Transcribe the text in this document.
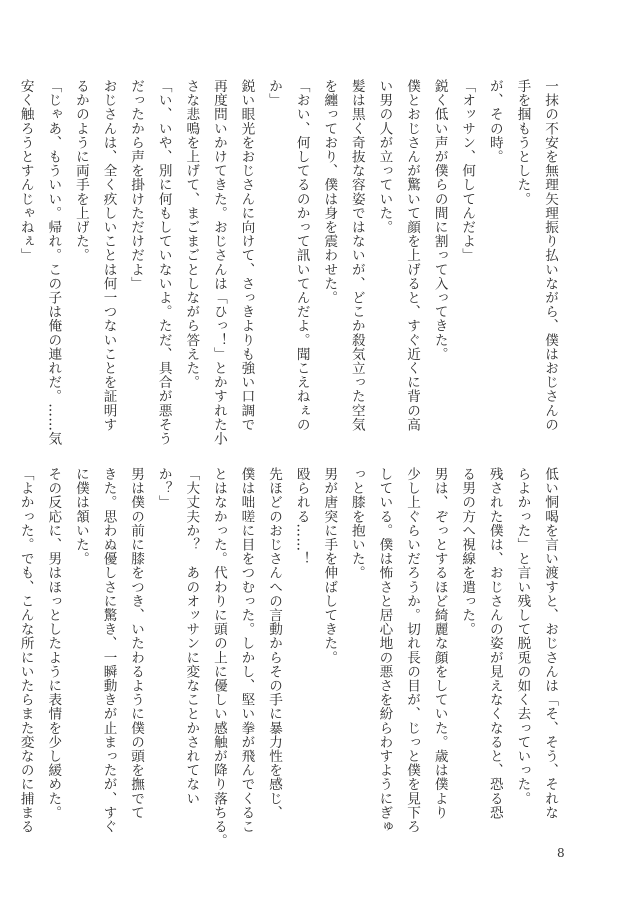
一抹の不安を無理矢理振り払いながら、僕はおじさんの
手を掴もうとした。
が、その時。
「オッサン、何してんだよ」
鋭く低い声が僕らの間に割って入ってきた。
僕とおじさんが驚いて顔を上げると、すぐ近くに背の高
い男の人が立っていた。
髪は黒く奇抜な容姿ではないが、どこか殺気立った空気
を纏っており、僕は身を震わせた。
「おい、何してるのかって訊いてんだよ。聞こえねぇの
か」
鋭い眼光をおじさんに向けて、さっきよりも強い口調で
再度問いかけてきた。おじさんは「ひっ！」とかすれた小
さな悲鳴を上げて、まごまごとしながら答えた。
「い、いや、別に何もしていないよ。ただ、具合が悪そう
だったから声を掛けただけだよ」
おじさんは、全く疚しいことは何一つないことを証明す
るかのように両手を上げた。
「じゃあ、もういい。帰れ。この子は俺の連れだ。……気
安く触ろうとすんじゃねぇ」
低い恫喝を言い渡すと、おじさんは「そ、そう、それな
らよかった」と言い残して脱兎の如く去っていった。
残された僕は、おじさんの姿が見えなくなると、恐る恐
る男の方へ視線を遣った。
男は、ぞっとするほど綺麗な顔をしていた。歳は僕より
少し上ぐらいだろうか。切れ長の目が、じっと僕を見下ろ
している。僕は怖さと居心地の悪さを紛らわすようにぎゅ
っと膝を抱いた。
男が唐突に手を伸ばしてきた。
殴られる……！
先ほどのおじさんへの言動からその手に暴力性を感じ、
僕は咄嗟に目をつむった。しかし、堅い拳が飛んでくるこ
とはなかった。代わりに頭の上に優しい感触が降り落ちる。
「大丈夫か？　あのオッサンに変なことかされてない
か？」
男は僕の前に膝をつき、いたわるように僕の頭を撫でて
きた。思わぬ優しさに驚き、一瞬動きが止まったが、すぐ
に僕は頷いた。
その反応に、男はほっとしたように表情を少し緩めた。
「よかった。でも、こんな所にいたらまた変なのに捕まる
8
